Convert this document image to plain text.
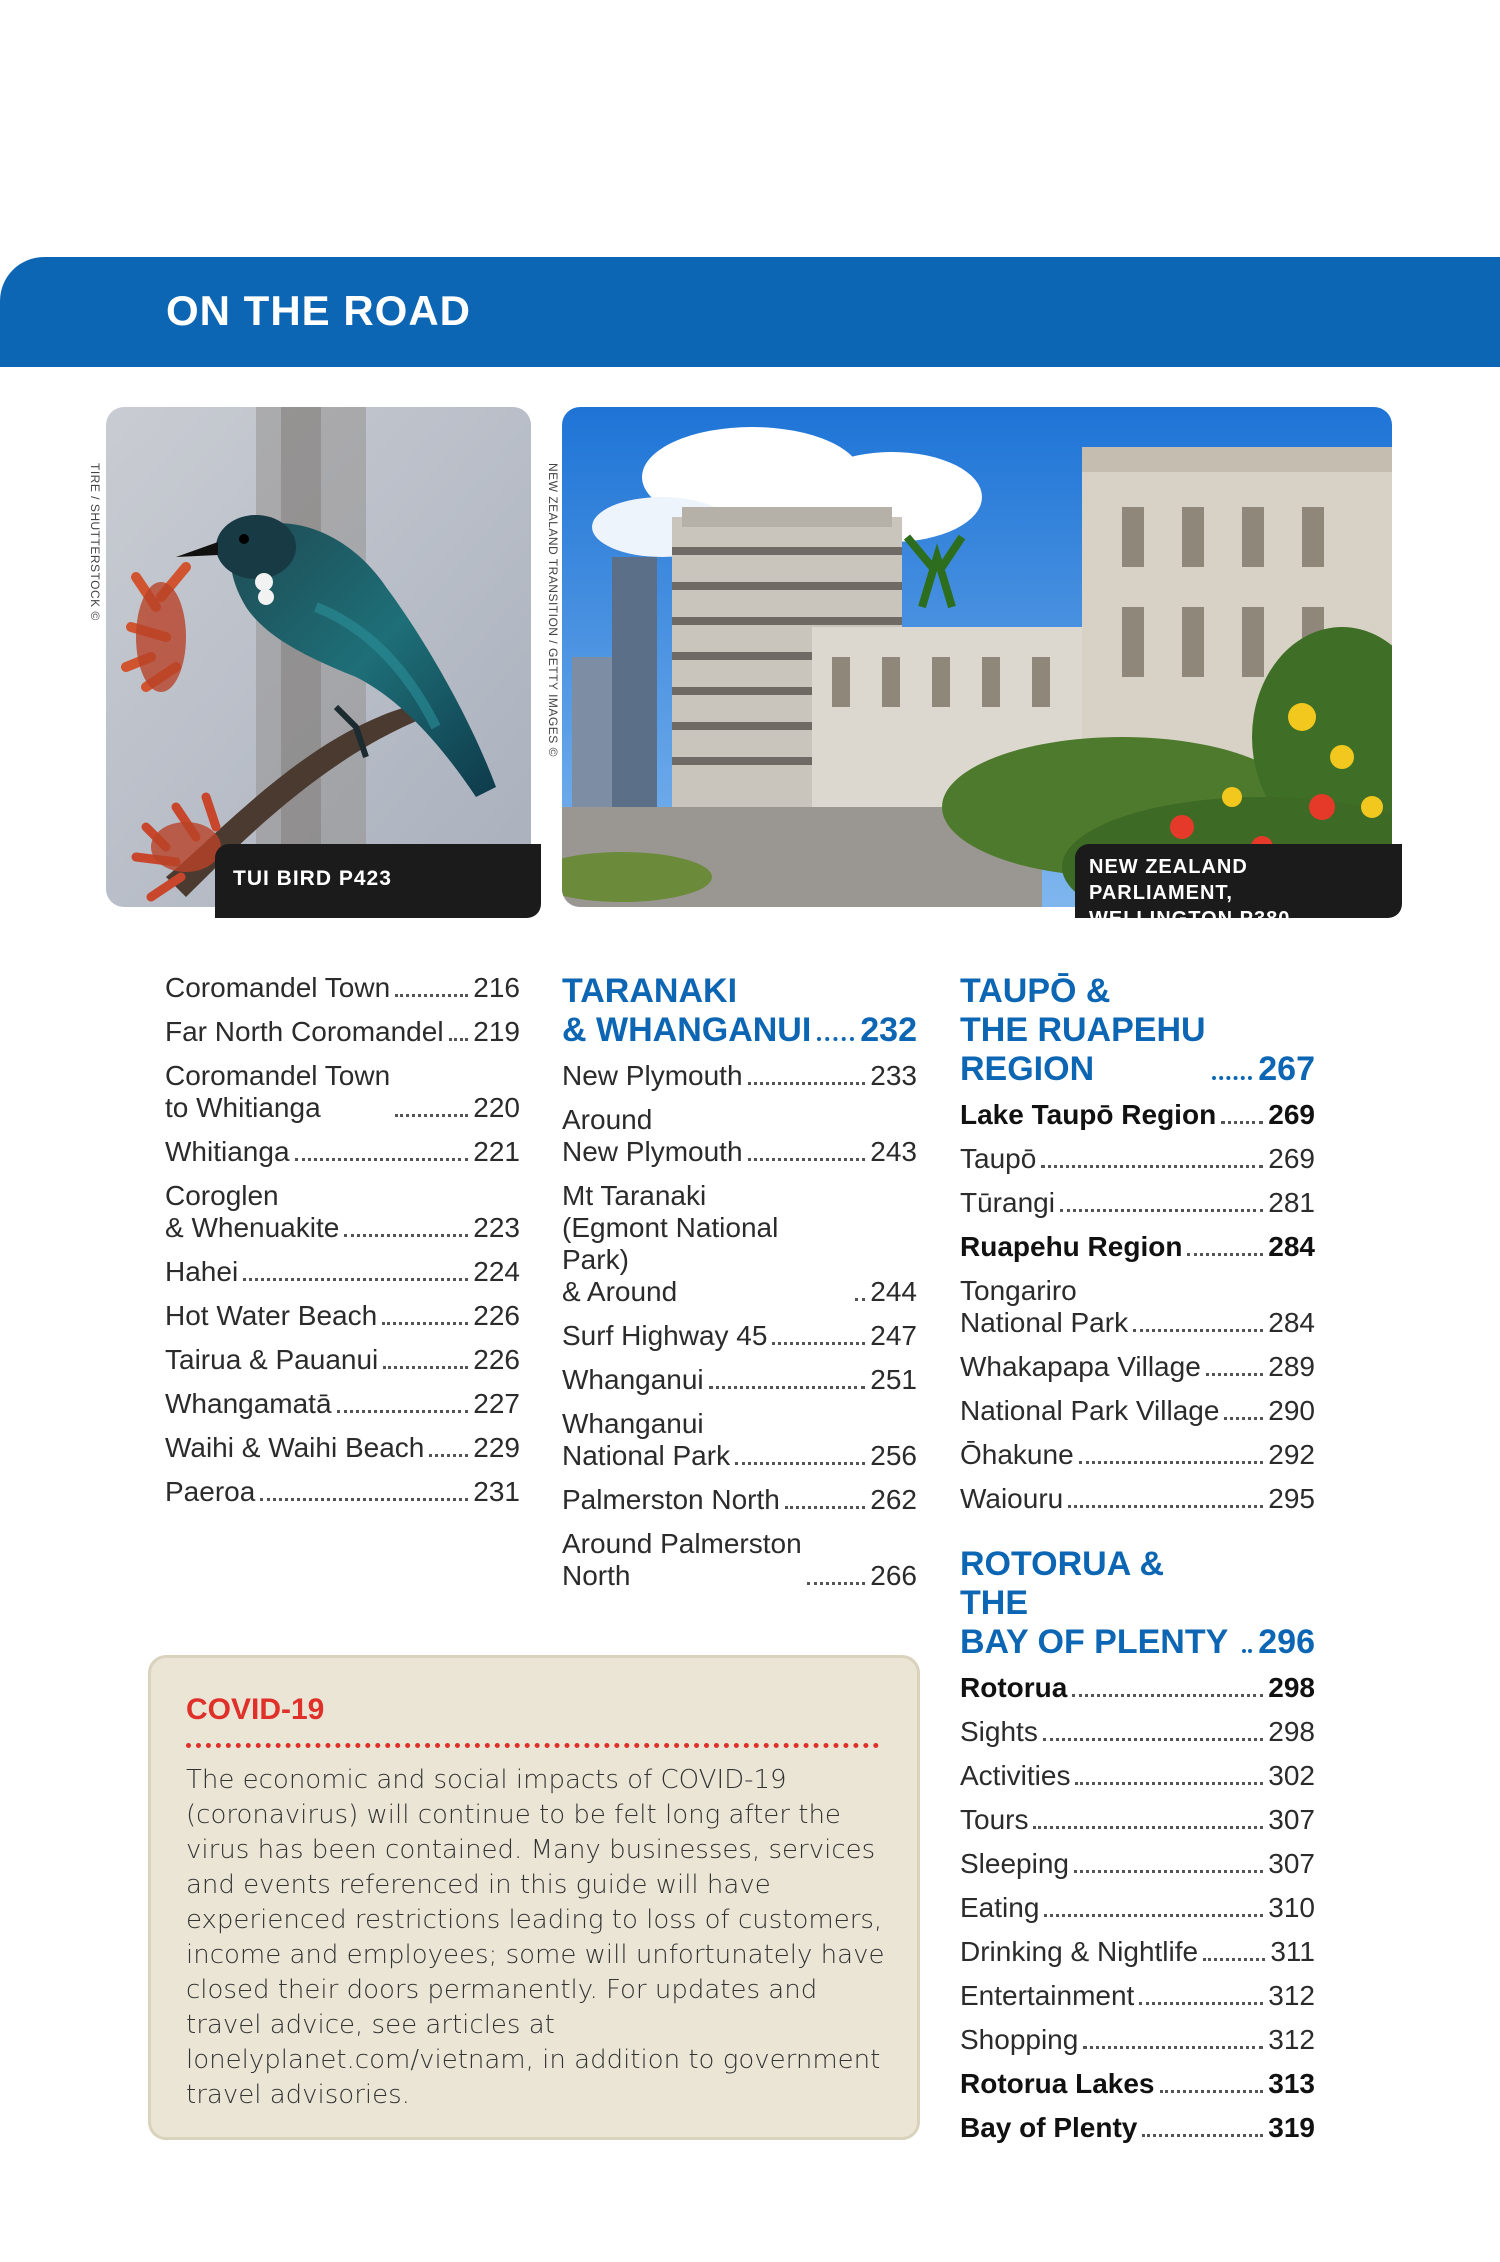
ON THE ROAD
TIRE / SHUTTERSTOCK ©
TUI BIRD P423
NEW ZEALAND TRANSITION / GETTY IMAGES ©
NEW ZEALAND PARLIAMENT,
WELLINGTON P380
Coromandel Town	216
Far North Coromandel 219
Coromandel Town
to Whitianga	220
Whitianga	221
Coroglen
& Whenuakite	223
Hahei	224
Hot Water Beach	226
Tairua & Pauanui	226
Whangamatā	227
Waihi & Waihi Beach 229
Paeroa	231
TARANAKI
& WHANGANUI 232
New Plymouth	233
Around
New Plymouth	243
Mt Taranaki
(Egmont National Park)
& Around	244
Surf Highway 45	247
Whanganui	251
Whanganui
National Park	256
Palmerston North	262
Around Palmerston
North	266
TAUPŌ &
THE RUAPEHU
REGION	267
Lake Taupō Region 269
Taupō	269
Tūrangi	281
Ruapehu Region	284
Tongariro
National Park	284
Whakapapa Village 289
National Park Village 290
Ōhakune	292
Waiouru	295
ROTORUA & THE
BAY OF PLENTY 296
Rotorua	298
Sights	298
Activities	302
Tours	307
Sleeping	307
Eating	310
Drinking & Nightlife	311
Entertainment	312
Shopping	312
Rotorua Lakes	313
Bay of Plenty	319
COVID-19

The economic and social impacts of COVID-19 (coronavirus) will continue to be felt long after the virus has been contained. Many businesses, services and events referenced in this guide will have experienced restrictions leading to loss of customers, income and employees; some will unfortunately have closed their doors permanently. For updates and travel advice, see articles at lonelyplanet.com/vietnam, in addition to government travel advisories.
